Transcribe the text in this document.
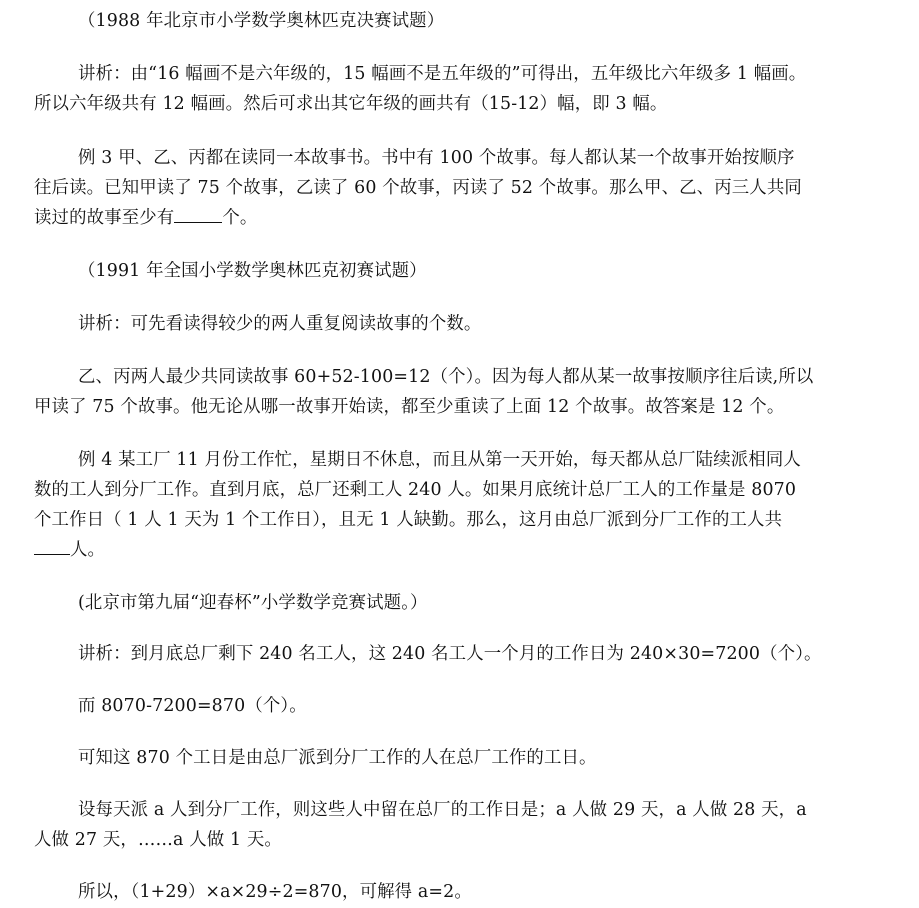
（1988 年北京市小学数学奥林匹克决赛试题）
讲析：由“16 幅画不是六年级的，15 幅画不是五年级的”可得出，五年级比六年级多 1 幅画。
所以六年级共有 12 幅画。然后可求出其它年级的画共有（15-12）幅，即 3 幅。
例 3 甲、乙、丙都在读同一本故事书。书中有 100 个故事。每人都认某一个故事开始按顺序
往后读。已知甲读了 75 个故事，乙读了 60 个故事，丙读了 52 个故事。那么甲、乙、丙三人共同
读过的故事至少有	个。
（1991 年全国小学数学奥林匹克初赛试题）
讲析：可先看读得较少的两人重复阅读故事的个数。
乙、丙两人最少共同读故事 60+52-100=12（个）。因为每人都从某一故事按顺序往后读,所以
甲读了 75 个故事。他无论从哪一故事开始读，都至少重读了上面 12 个故事。故答案是 12 个。
例 4 某工厂 11 月份工作忙，星期日不休息，而且从第一天开始，每天都从总厂陆续派相同人
数的工人到分厂工作。直到月底，总厂还剩工人 240 人。如果月底统计总厂工人的工作量是 8070
个工作日（ 1 人 1 天为 1 个工作日），且无 1 人缺勤。那么，这月由总厂派到分厂工作的工人共
人。
(北京市第九届“迎春杯”小学数学竞赛试题。）
讲析：到月底总厂剩下 240 名工人，这 240 名工人一个月的工作日为 240×30=7200（个）。
而 8070-7200=870（个）。
可知这 870 个工日是由总厂派到分厂工作的人在总厂工作的工日。
设每天派 a 人到分厂工作，则这些人中留在总厂的工作日是；a 人做 29 天，a 人做 28 天，a
人做 27 天，……a 人做 1 天。
所以，（1+29）×a×29÷2=870，可解得 a=2。
